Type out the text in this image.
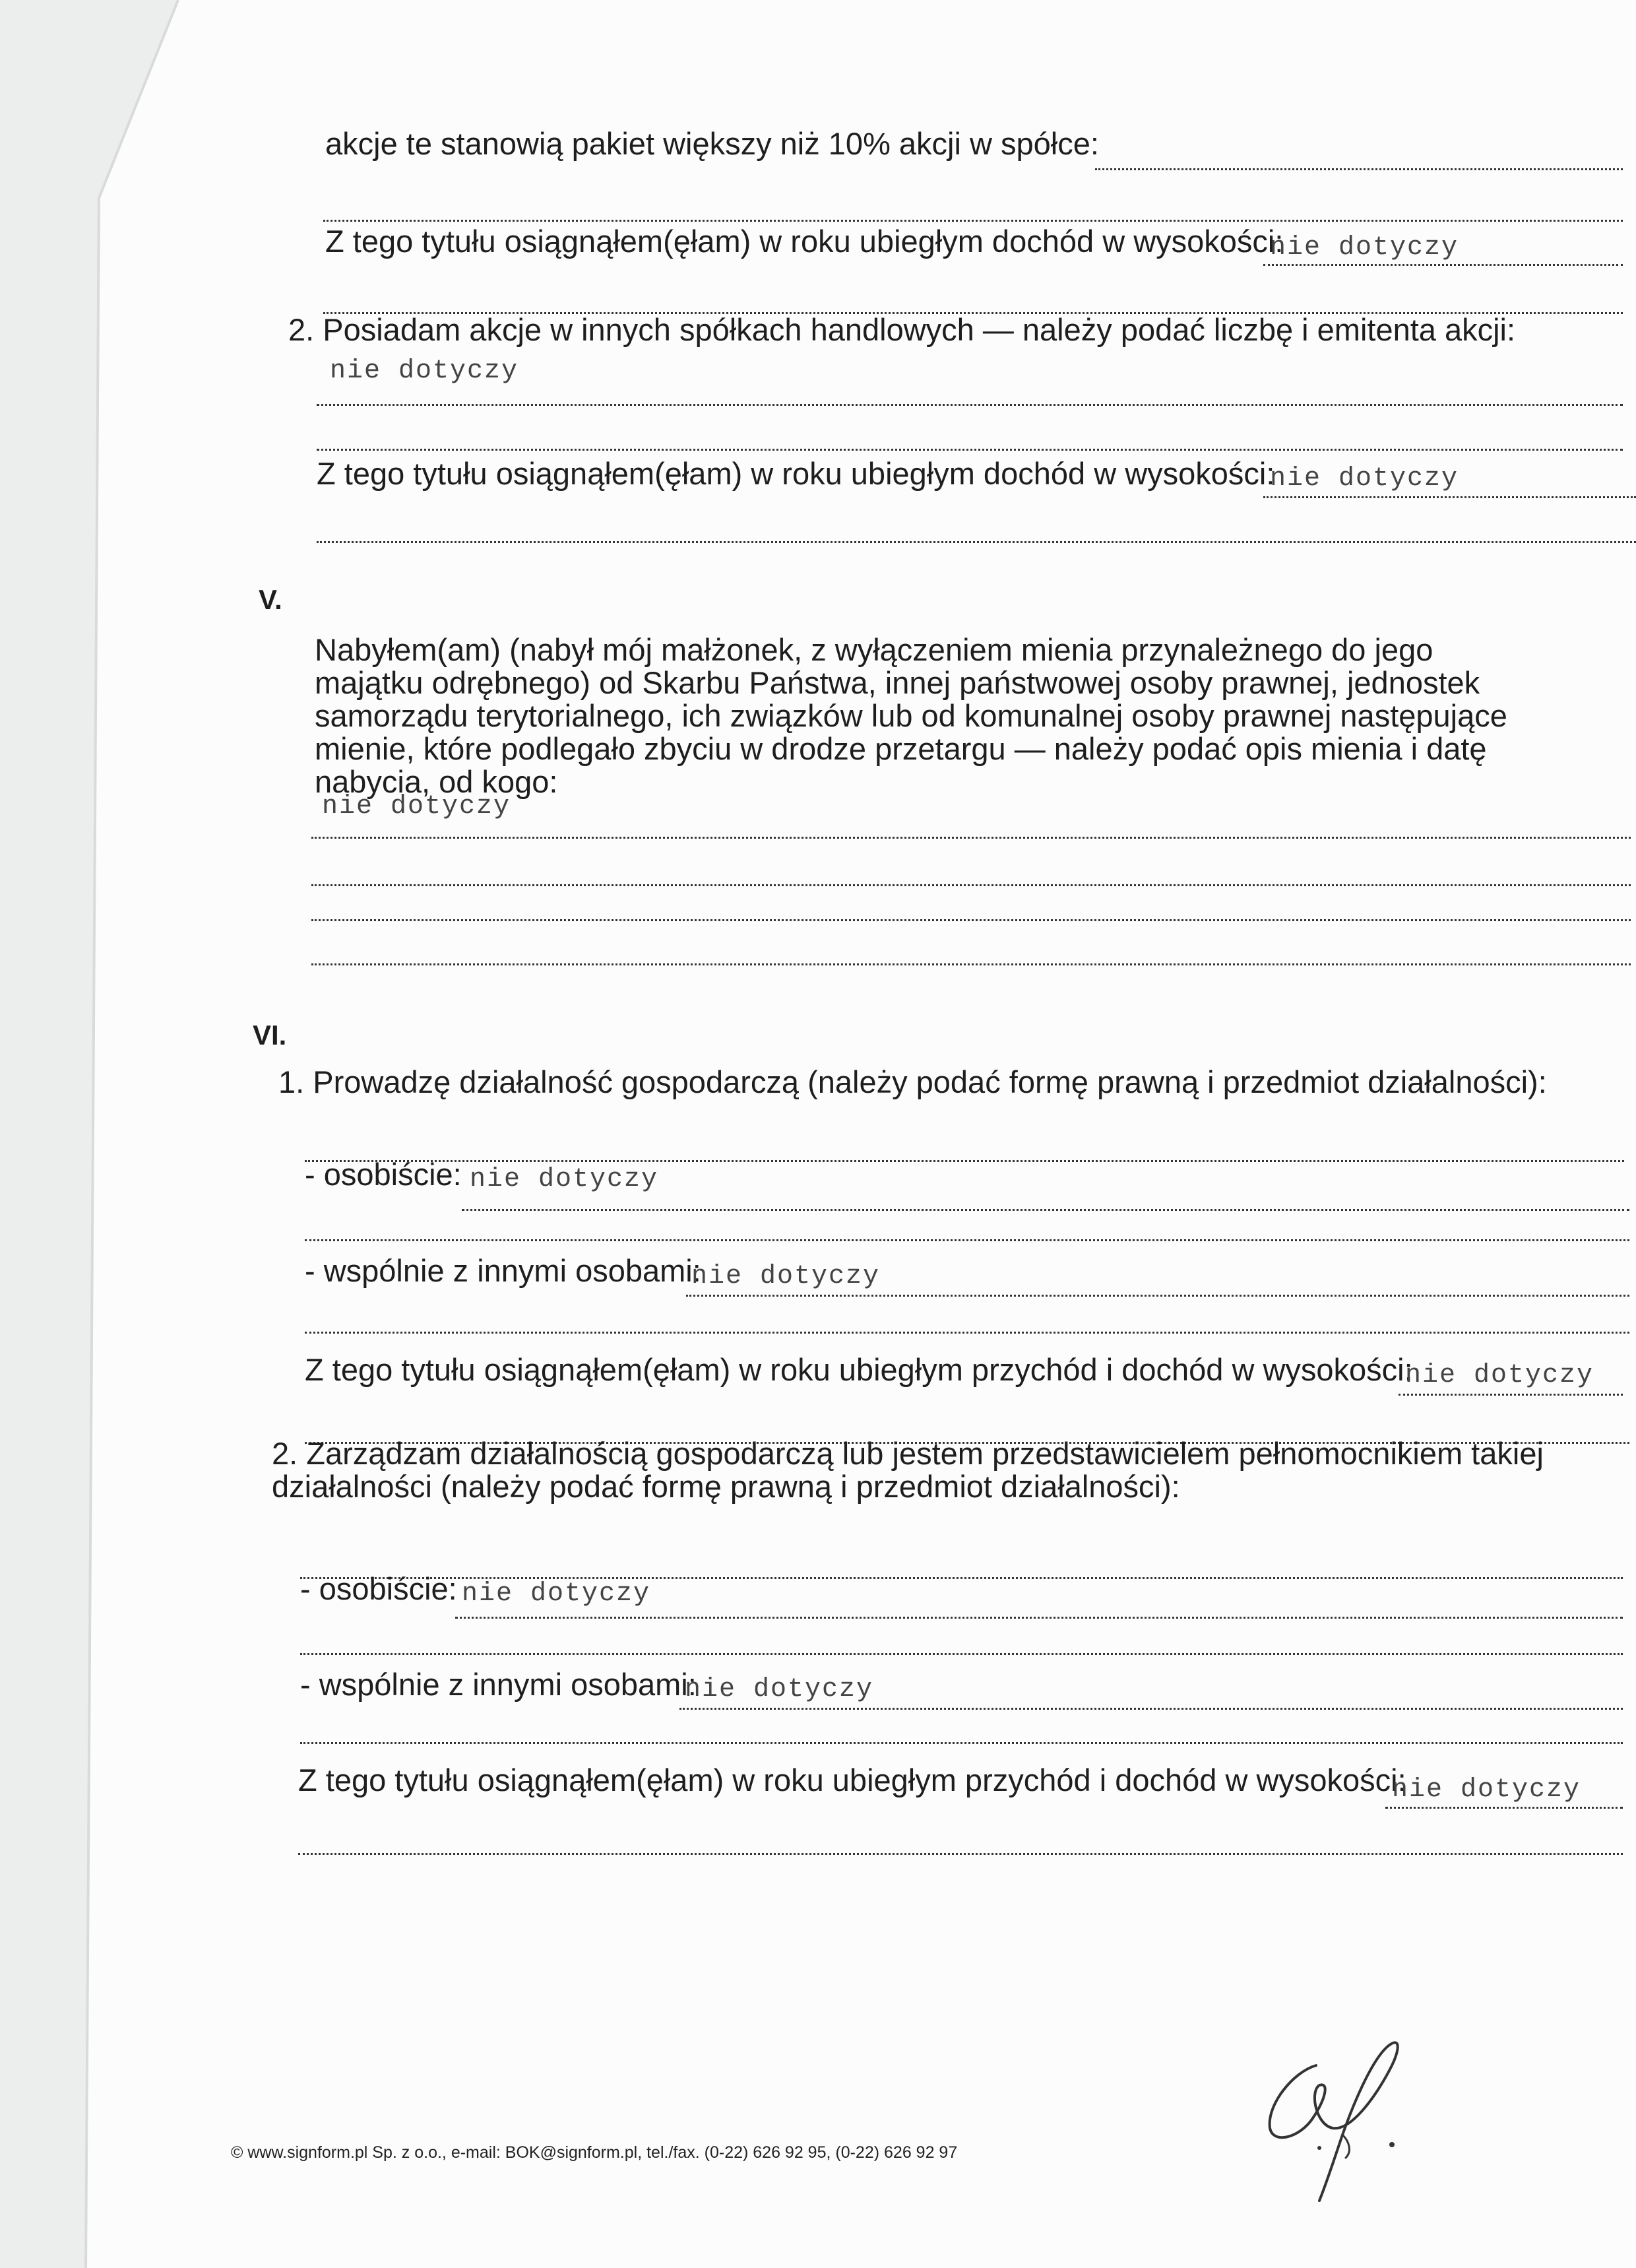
akcje te stanowią pakiet większy niż 10% akcji w spółce:
Z tego tytułu osiągnąłem(ęłam) w roku ubiegłym dochód w wysokości:
nie dotyczy
2. Posiadam akcje w innych spółkach handlowych — należy podać liczbę i emitenta akcji:
nie dotyczy
Z tego tytułu osiągnąłem(ęłam) w roku ubiegłym dochód w wysokości:
nie dotyczy
V.
Nabyłem(am) (nabył mój małżonek, z wyłączeniem mienia przynależnego do jego majątku odrębnego) od Skarbu Państwa, innej państwowej osoby prawnej, jednostek samorządu terytorialnego, ich związków lub od komunalnej osoby prawnej następujące mienie, które podlegało zbyciu w drodze przetargu — należy podać opis mienia i datę nabycia, od kogo:
nie dotyczy
VI.
1. Prowadzę działalność gospodarczą (należy podać formę prawną i przedmiot działalności):
- osobiście: nie dotyczy
- wspólnie z innymi osobami:
nie dotyczy
Z tego tytułu osiągnąłem(ęłam) w roku ubiegłym przychód i dochód w wysokości:
nie dotyczy
2. Zarządzam działalnością gospodarczą lub jestem przedstawicielem pełnomocnikiem takiej działalności (należy podać formę prawną i przedmiot działalności):
- osobiście: nie dotyczy
- wspólnie z innymi osobami:
nie dotyczy
Z tego tytułu osiągnąłem(ęłam) w roku ubiegłym przychód i dochód w wysokości:
nie dotyczy
© www.signform.pl Sp. z o.o., e-mail: BOK@signform.pl, tel./fax. (0-22) 626 92 95, (0-22) 626 92 97
